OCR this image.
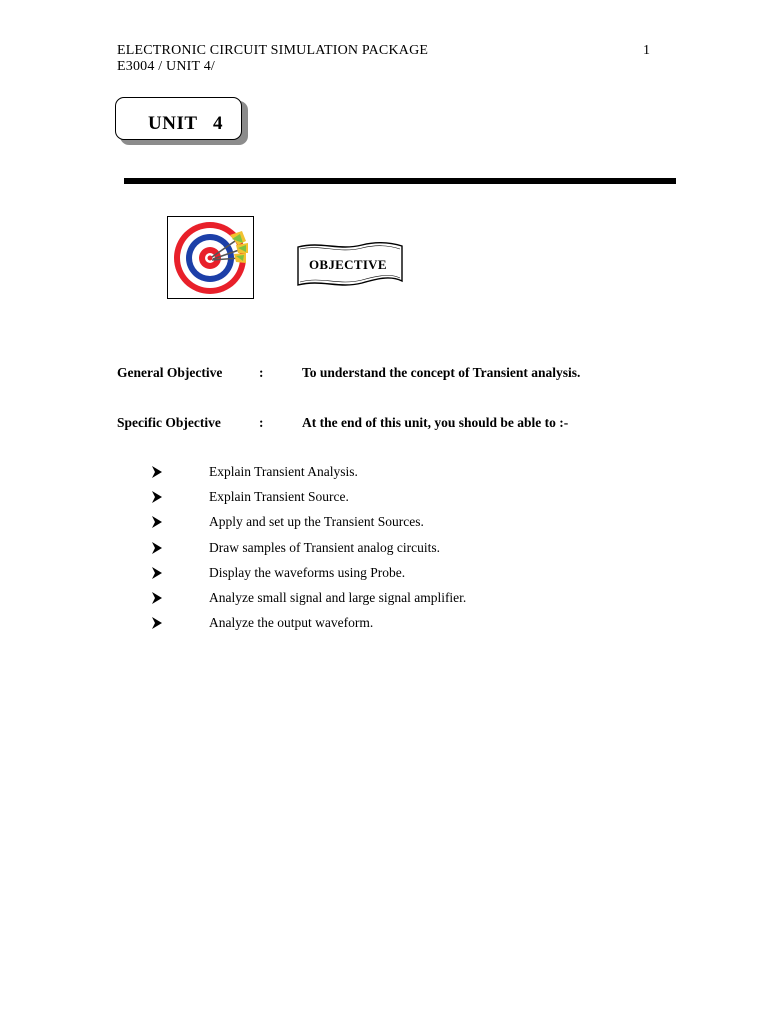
ELECTRONIC CIRCUIT SIMULATION PACKAGE
E3004 / UNIT 4/
1
UNIT 4
OBJECTIVE
General Objective	:	To understand the concept of Transient analysis.
Specific Objective	:	At the end of this unit, you should be able to :-
Explain Transient Analysis.
Explain Transient Source.
Apply and set up the Transient Sources.
Draw samples of Transient analog circuits.
Display the waveforms using Probe.
Analyze small signal and large signal amplifier.
Analyze the output waveform.
